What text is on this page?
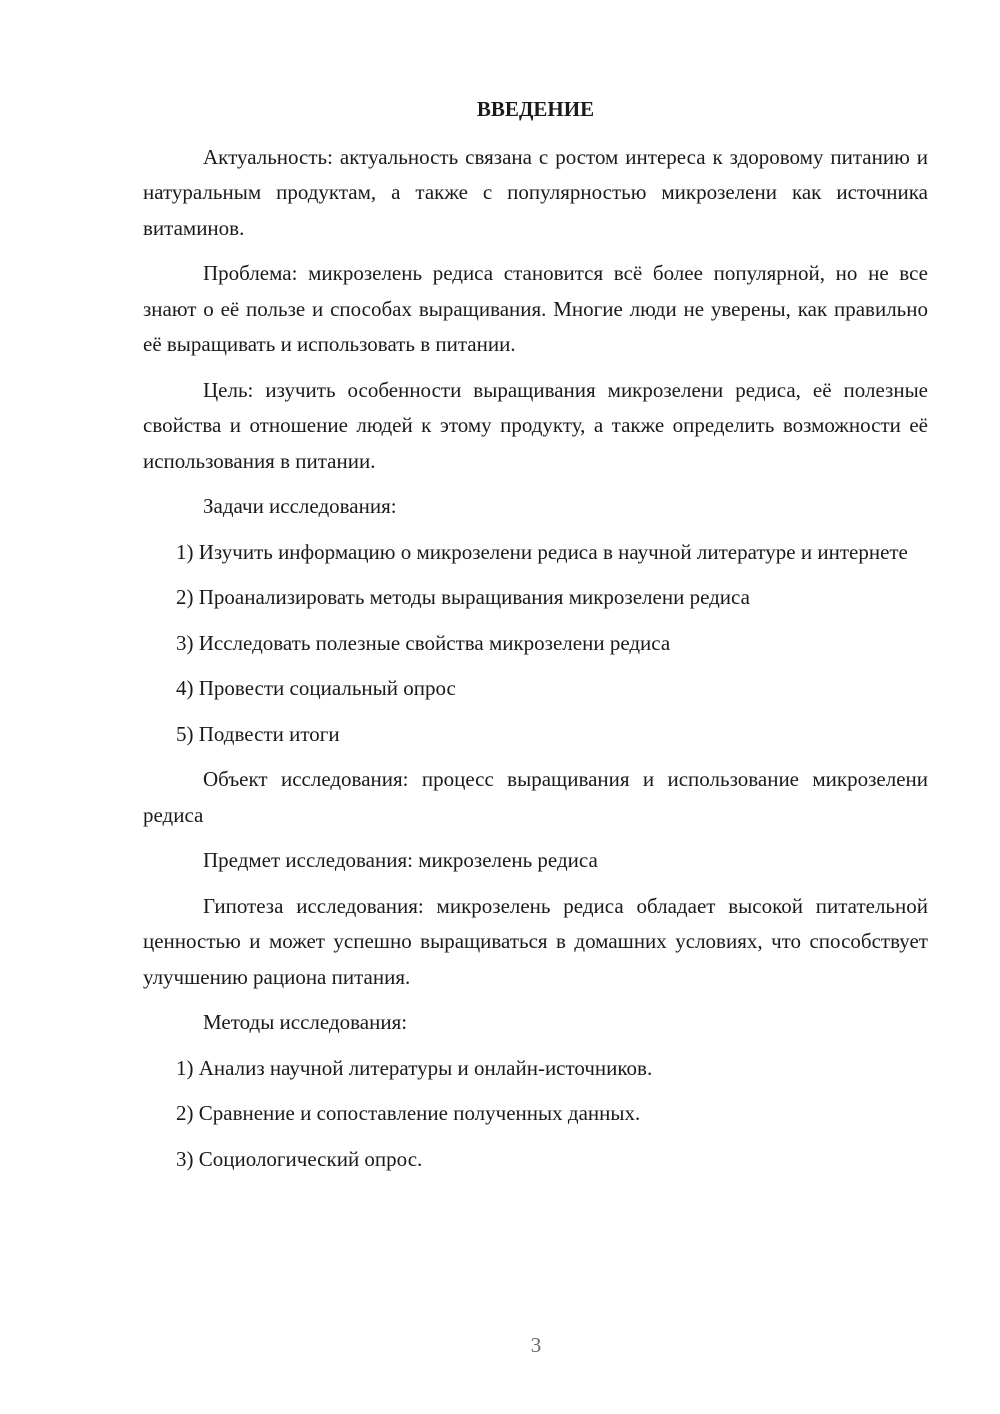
ВВЕДЕНИЕ

Актуальность: актуальность связана с ростом интереса к здоровому питанию и натуральным продуктам, а также с популярностью микрозелени как источника витаминов.

Проблема: микрозелень редиса становится всё более популярной, но не все знают о её пользе и способах выращивания. Многие люди не уверены, как правильно её выращивать и использовать в питании.

Цель: изучить особенности выращивания микрозелени редиса, её полезные свойства и отношение людей к этому продукту, а также определить возможности её использования в питании.

Задачи исследования:

1) Изучить информацию о микрозелени редиса в научной литературе и интернете

2) Проанализировать методы выращивания микрозелени редиса

3) Исследовать полезные свойства микрозелени редиса

4) Провести социальный опрос

5) Подвести итоги

Объект исследования: процесс выращивания и использование микрозелени редиса

Предмет исследования: микрозелень редиса

Гипотеза исследования: микрозелень редиса обладает высокой питательной ценностью и может успешно выращиваться в домашних условиях, что способствует улучшению рациона питания.

Методы исследования:

1) Анализ научной литературы и онлайн-источников.

2) Сравнение и сопоставление полученных данных.

3) Социологический опрос.

3
